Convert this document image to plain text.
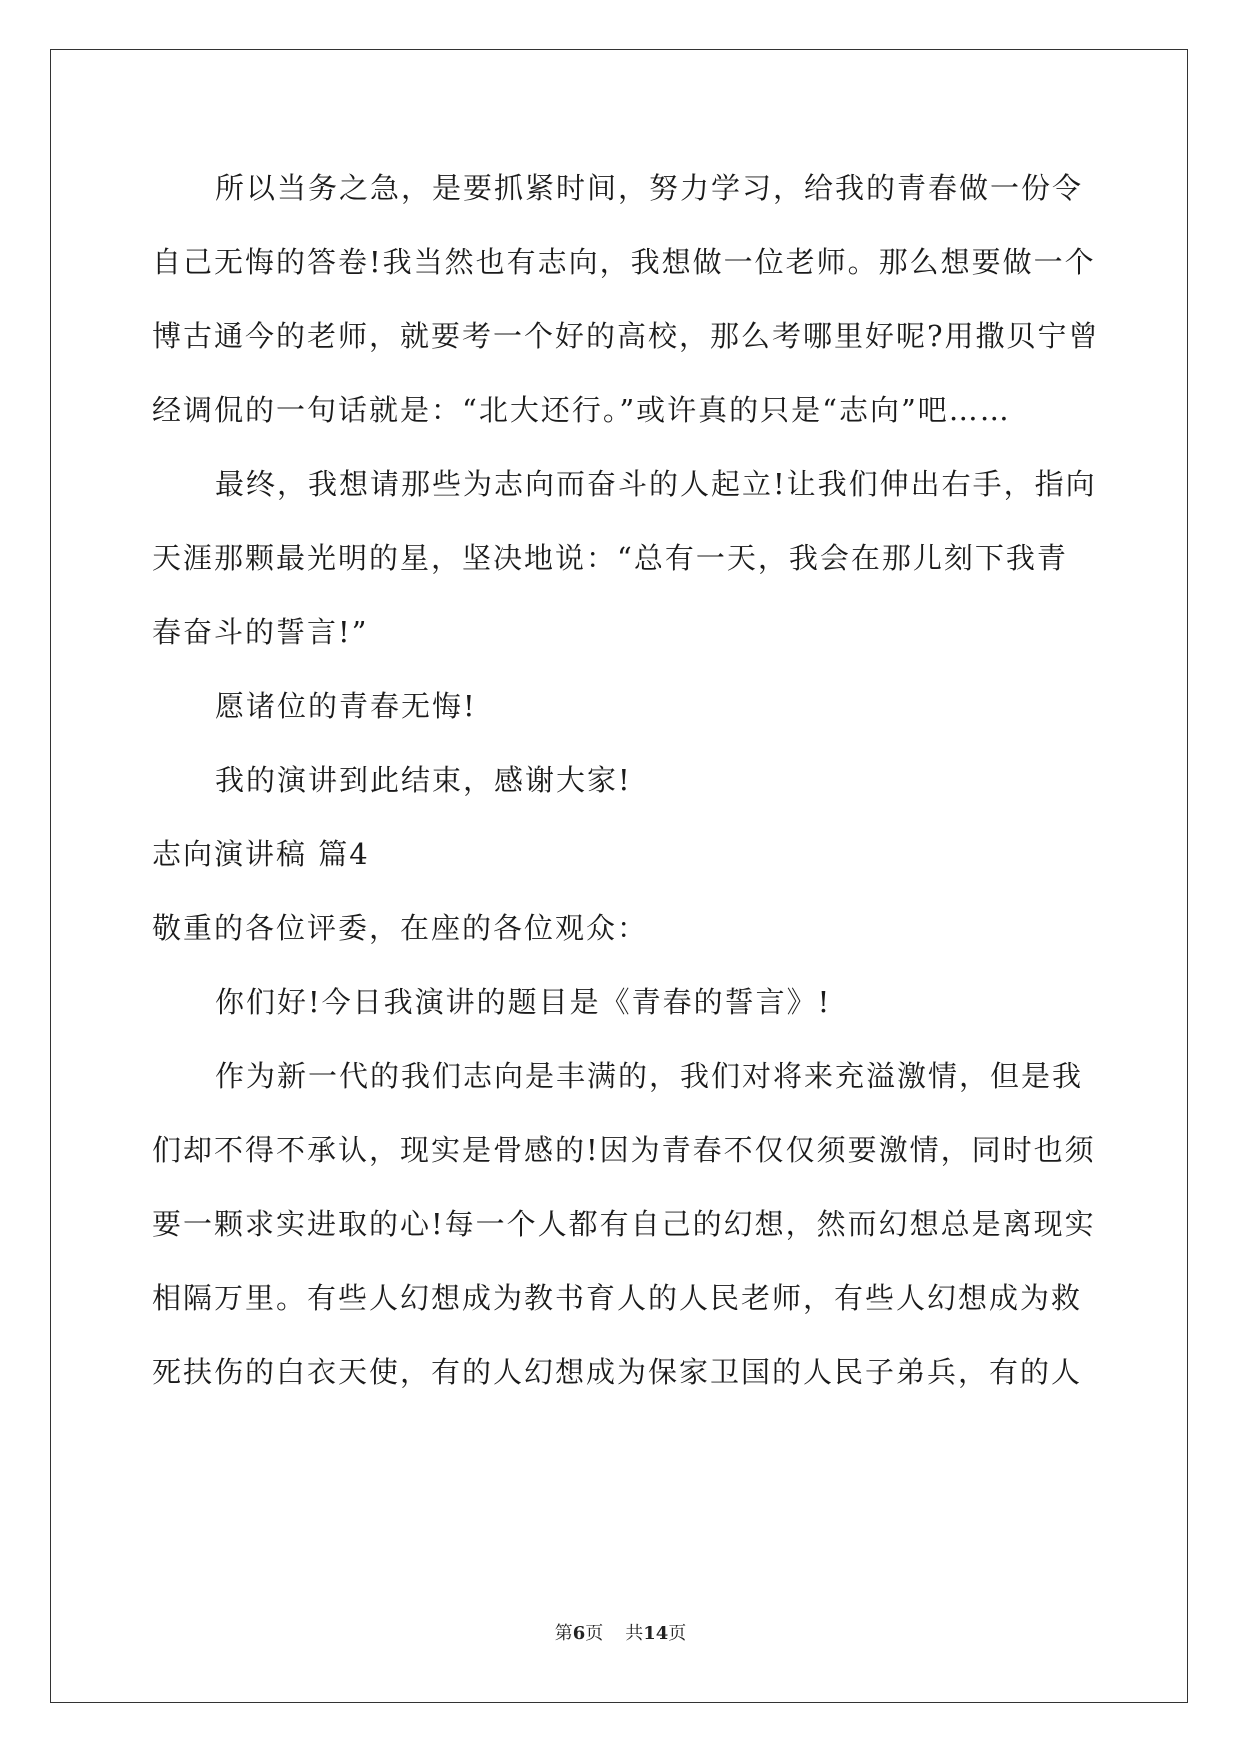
所以当务之急，是要抓紧时间，努力学习，给我的青春做一份令
自己无悔的答卷!我当然也有志向，我想做一位老师。那么想要做一个
博古通今的老师，就要考一个好的高校，那么考哪里好呢?用撒贝宁曾
经调侃的一句话就是：“北大还行。”或许真的只是“志向”吧……
最终，我想请那些为志向而奋斗的人起立!让我们伸出右手，指向
天涯那颗最光明的星，坚决地说：“总有一天，我会在那儿刻下我青
春奋斗的誓言!”
愿诸位的青春无悔!
我的演讲到此结束，感谢大家!
志向演讲稿 篇4
敬重的各位评委，在座的各位观众：
你们好!今日我演讲的题目是《青春的誓言》!
作为新一代的我们志向是丰满的，我们对将来充溢激情，但是我
们却不得不承认，现实是骨感的!因为青春不仅仅须要激情，同时也须
要一颗求实进取的心!每一个人都有自己的幻想，然而幻想总是离现实
相隔万里。有些人幻想成为教书育人的人民老师，有些人幻想成为救
死扶伤的白衣天使，有的人幻想成为保家卫国的人民子弟兵，有的人
第6页 共14页
